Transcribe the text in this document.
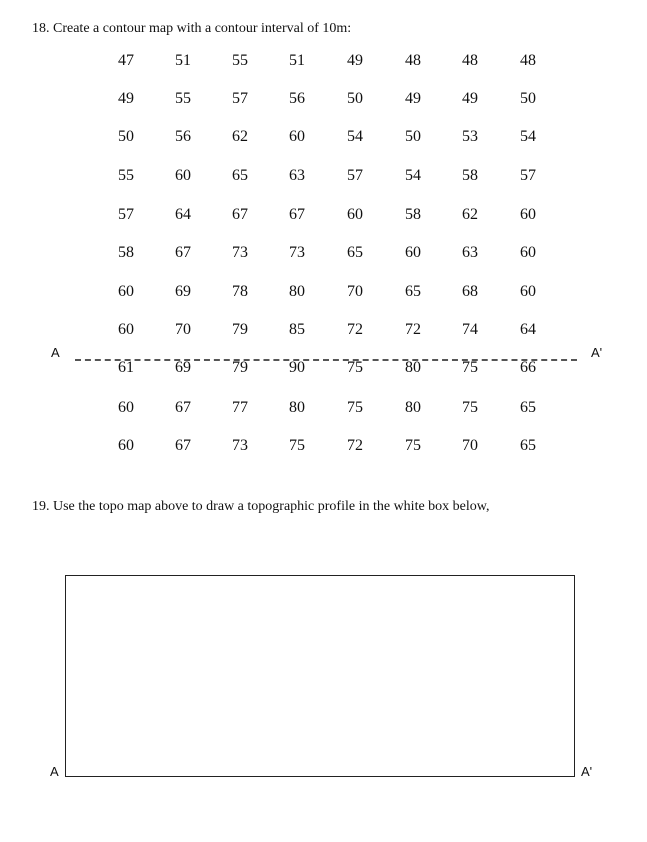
18. Create a contour map with a contour interval of 10m:
47	51	55	51	49	48	48	48
49	55	57	56	50	49	49	50
50	56	62	60	54	50	53	54
55	60	65	63	57	54	58	57
57	64	67	67	60	58	62	60
58	67	73	73	65	60	63	60
60	69	78	80	70	65	68	60
60	70	79	85	72	72	74	64
61	69	79	90	75	80	75	66
60	67	77	80	75	80	75	65
60	67	73	75	72	75	70	65
A	A'
19. Use the topo map above to draw a topographic profile in the white box below,
A	A'
